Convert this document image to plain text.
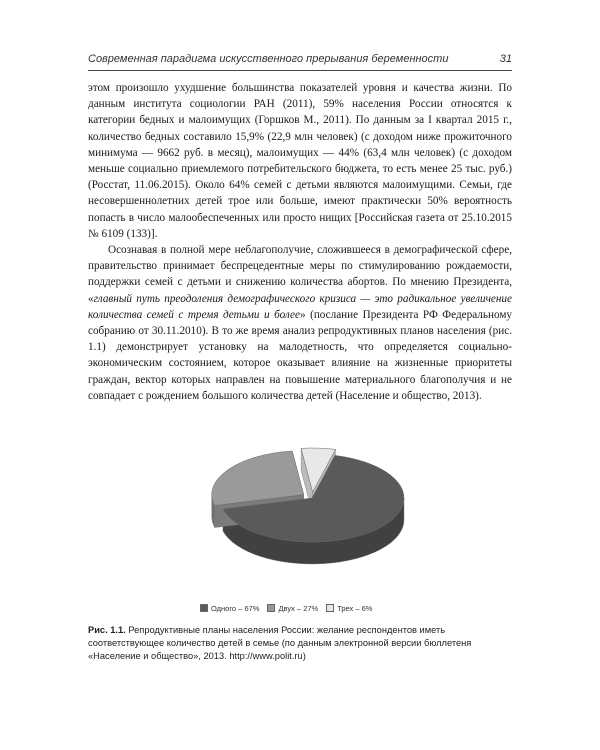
Современная парадигма искусственного прерывания беременности	31

этом произошло ухудшение большинства показателей уровня и качества жизни. По данным института социологии РАН (2011), 59% населения России относятся к категории бедных и малоимущих (Горшков М., 2011). По данным за I квартал 2015 г., количество бедных составило 15,9% (22,9 млн человек) (с доходом ниже прожиточного минимума — 9662 руб. в месяц), малоимущих — 44% (63,4 млн человек) (с доходом меньше социально приемлемого потребительского бюджета, то есть менее 25 тыс. руб.) (Росстат, 11.06.2015). Около 64% семей с детьми являются малоимущими. Семьи, где несовершеннолетних детей трое или больше, имеют практически 50% вероятность попасть в число малообеспеченных или просто нищих [Российская газета от 25.10.2015 № 6109 (133)].

Осознавая в полной мере неблагополучие, сложившееся в демографической сфере, правительство принимает беспрецедентные меры по стимулированию рождаемости, поддержки семей с детьми и снижению количества абортов. По мнению Президента, «главный путь преодоления демографического кризиса — это радикальное увеличение количества семей с тремя детьми и более» (послание Президента РФ Федеральному собранию от 30.11.2010). В то же время анализ репродуктивных планов населения (рис. 1.1) демонстрирует установку на малодетность, что определяется социально-экономическим состоянием, которое оказывает влияние на жизненные приоритеты граждан, вектор которых направлен на повышение материального благополучия и не совпадает с рождением большого количества детей (Население и общество, 2013).

Одного – 67%	Двух – 27%	Трех – 6%
Рис. 1.1. Репродуктивные планы населения России: желание респондентов иметь соответствующее количество детей в семье (по данным электронной версии бюллетеня «Население и общество», 2013. http://www.polit.ru)
